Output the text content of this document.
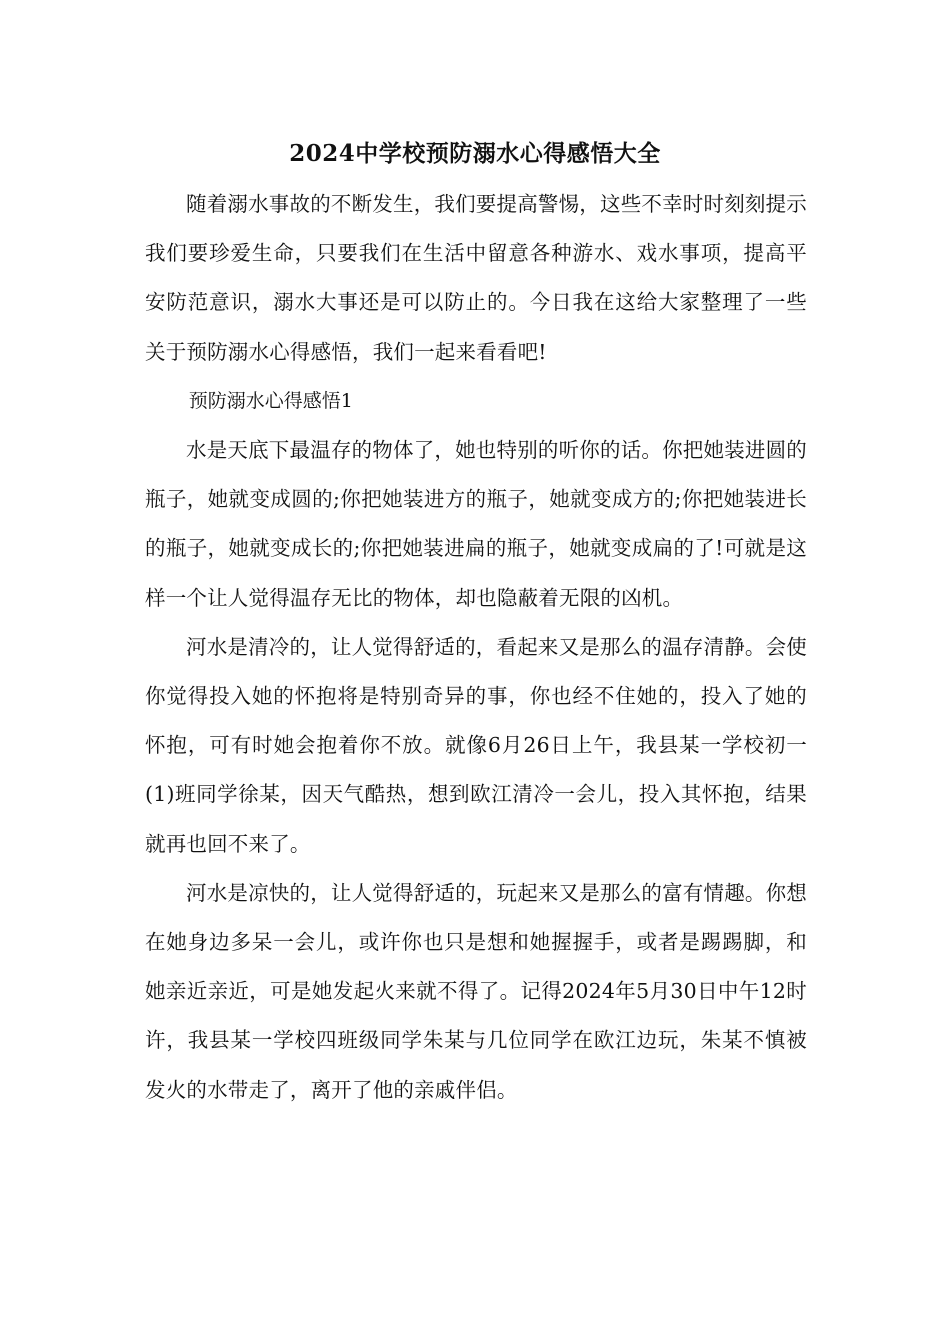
2024中学校预防溺水心得感悟大全

随着溺水事故的不断发生，我们要提高警惕，这些不幸时时刻刻提示我们要珍爱生命，只要我们在生活中留意各种游水、戏水事项，提高平安防范意识，溺水大事还是可以防止的。今日我在这给大家整理了一些关于预防溺水心得感悟，我们一起来看看吧!

预防溺水心得感悟1

水是天底下最温存的物体了，她也特别的听你的话。你把她装进圆的瓶子，她就变成圆的;你把她装进方的瓶子，她就变成方的;你把她装进长的瓶子，她就变成长的;你把她装进扁的瓶子，她就变成扁的了!可就是这样一个让人觉得温存无比的物体，却也隐蔽着无限的凶机。

河水是清冷的，让人觉得舒适的，看起来又是那么的温存清静。会使你觉得投入她的怀抱将是特别奇异的事，你也经不住她的，投入了她的怀抱，可有时她会抱着你不放。就像6月26日上午，我县某一学校初一(1)班同学徐某，因天气酷热，想到欧江清冷一会儿，投入其怀抱，结果就再也回不来了。

河水是凉快的，让人觉得舒适的，玩起来又是那么的富有情趣。你想在她身边多呆一会儿，或许你也只是想和她握握手，或者是踢踢脚，和她亲近亲近，可是她发起火来就不得了。记得2024年5月30日中午12时许，我县某一学校四班级同学朱某与几位同学在欧江边玩，朱某不慎被发火的水带走了，离开了他的亲戚伴侣。
